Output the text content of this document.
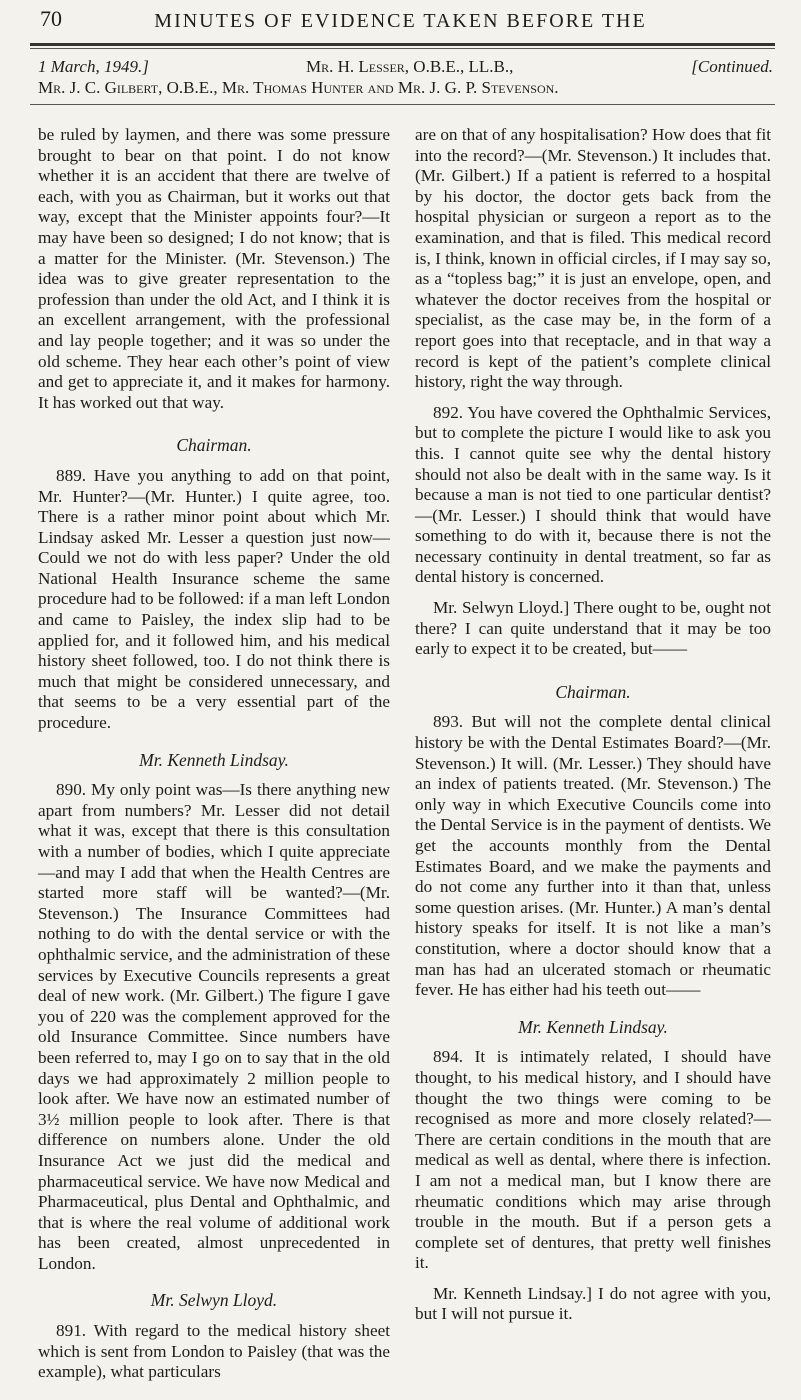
70	MINUTES OF EVIDENCE TAKEN BEFORE THE
1 March, 1949.]	Mr. H. Lesser, O.B.E., LL.B.,	[Continued.
Mr. J. C. Gilbert, O.B.E., Mr. Thomas Hunter and Mr. J. G. P. Stevenson.

be ruled by laymen, and there was some pressure brought to bear on that point. I do not know whether it is an accident that there are twelve of each, with you as Chairman, but it works out that way, except that the Minister appoints four?—It may have been so designed; I do not know; that is a matter for the Minister. (Mr. Stevenson.) The idea was to give greater representation to the profession than under the old Act, and I think it is an excellent arrangement, with the professional and lay people together; and it was so under the old scheme. They hear each other’s point of view and get to appreciate it, and it makes for harmony. It has worked out that way.

Chairman.

889. Have you anything to add on that point, Mr. Hunter?—(Mr. Hunter.) I quite agree, too. There is a rather minor point about which Mr. Lindsay asked Mr. Lesser a question just now—Could we not do with less paper? Under the old National Health Insurance scheme the same procedure had to be followed: if a man left London and came to Paisley, the index slip had to be applied for, and it followed him, and his medical history sheet followed, too. I do not think there is much that might be considered unnecessary, and that seems to be a very essential part of the procedure.

Mr. Kenneth Lindsay.

890. My only point was—Is there anything new apart from numbers? Mr. Lesser did not detail what it was, except that there is this consultation with a number of bodies, which I quite appreciate—and may I add that when the Health Centres are started more staff will be wanted?—(Mr. Stevenson.) The Insurance Committees had nothing to do with the dental service or with the ophthalmic service, and the administration of these services by Executive Councils represents a great deal of new work. (Mr. Gilbert.) The figure I gave you of 220 was the complement approved for the old Insurance Committee. Since numbers have been referred to, may I go on to say that in the old days we had approximately 2 million people to look after. We have now an estimated number of 3½ million people to look after. There is that difference on numbers alone. Under the old Insurance Act we just did the medical and pharmaceutical service. We have now Medical and Pharmaceutical, plus Dental and Ophthalmic, and that is where the real volume of additional work has been created, almost unprecedented in London.

Mr. Selwyn Lloyd.

891. With regard to the medical history sheet which is sent from London to Paisley (that was the example), what particulars

are on that of any hospitalisation? How does that fit into the record?—(Mr. Stevenson.) It includes that. (Mr. Gilbert.) If a patient is referred to a hospital by his doctor, the doctor gets back from the hospital physician or surgeon a report as to the examination, and that is filed. This medical record is, I think, known in official circles, if I may say so, as a “topless bag;” it is just an envelope, open, and whatever the doctor receives from the hospital or specialist, as the case may be, in the form of a report goes into that receptacle, and in that way a record is kept of the patient’s complete clinical history, right the way through.

892. You have covered the Ophthalmic Services, but to complete the picture I would like to ask you this. I cannot quite see why the dental history should not also be dealt with in the same way. Is it because a man is not tied to one particular dentist?—(Mr. Lesser.) I should think that would have something to do with it, because there is not the necessary continuity in dental treatment, so far as dental history is concerned.

Mr. Selwyn Lloyd.] There ought to be, ought not there? I can quite understand that it may be too early to expect it to be created, but——

Chairman.

893. But will not the complete dental clinical history be with the Dental Estimates Board?—(Mr. Stevenson.) It will. (Mr. Lesser.) They should have an index of patients treated. (Mr. Stevenson.) The only way in which Executive Councils come into the Dental Service is in the payment of dentists. We get the accounts monthly from the Dental Estimates Board, and we make the payments and do not come any further into it than that, unless some question arises. (Mr. Hunter.) A man’s dental history speaks for itself. It is not like a man’s constitution, where a doctor should know that a man has had an ulcerated stomach or rheumatic fever. He has either had his teeth out——

Mr. Kenneth Lindsay.

894. It is intimately related, I should have thought, to his medical history, and I should have thought the two things were coming to be recognised as more and more closely related?—There are certain conditions in the mouth that are medical as well as dental, where there is infection. I am not a medical man, but I know there are rheumatic conditions which may arise through trouble in the mouth. But if a person gets a complete set of dentures, that pretty well finishes it.

Mr. Kenneth Lindsay.] I do not agree with you, but I will not pursue it.
